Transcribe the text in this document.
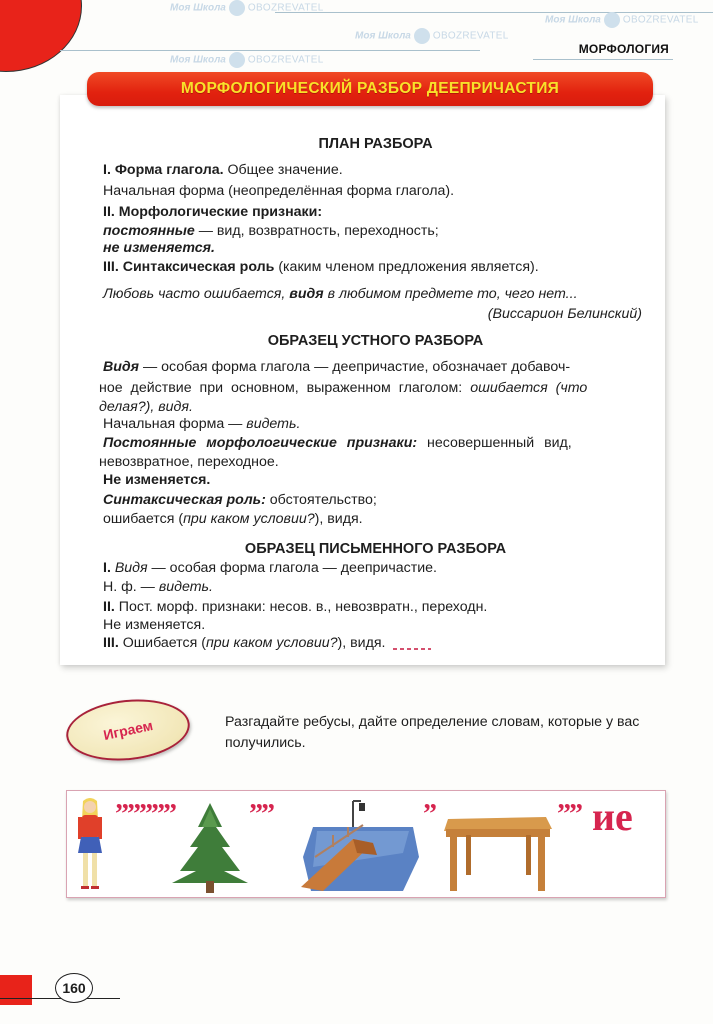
МОРФОЛОГИЯ
Моя Школа OBOZREVATEL
Моя Школа OBOZREVATEL
Моя Школа OBOZREVATEL
Моя Школа OBOZREVATEL
МОРФОЛОГИЧЕСКИЙ РАЗБОР ДЕЕПРИЧАСТИЯ
ПЛАН РАЗБОРА
I. Форма глагола. Общее значение.
Начальная форма (неопределённая форма глагола).
II. Морфологические признаки:
постоянные — вид, возвратность, переходность;
не изменяется.
III. Синтаксическая роль (каким членом предложения является).
Любовь часто ошибается, видя в любимом предмете то, чего нет...
(Виссарион Белинский)
ОБРАЗЕЦ УСТНОГО РАЗБОРА
Видя — особая форма глагола — деепричастие, обозначает добавоч-
ное действие при основном, выраженном глаголом: ошибается (что
делая?), видя.
Начальная форма — видеть.
Постоянные морфологические признаки: несовершенный вид,
невозвратное, переходное.
Не изменяется.
Синтаксическая роль: обстоятельство;
ошибается (при каком условии?), видя.
ОБРАЗЕЦ ПИСЬМЕННОГО РАЗБОРА
I. Видя — особая форма глагола — деепричастие.
Н. ф. — видеть.
II. Пост. морф. признаки: несов. в., невозвратн., переходн.
Не изменяется.
III. Ошибается (при каком условии?), видя.
Играем	Разгадайте ребусы, дайте определение словам, которые у вас получились.
”””””	””	”	”” ие
160
